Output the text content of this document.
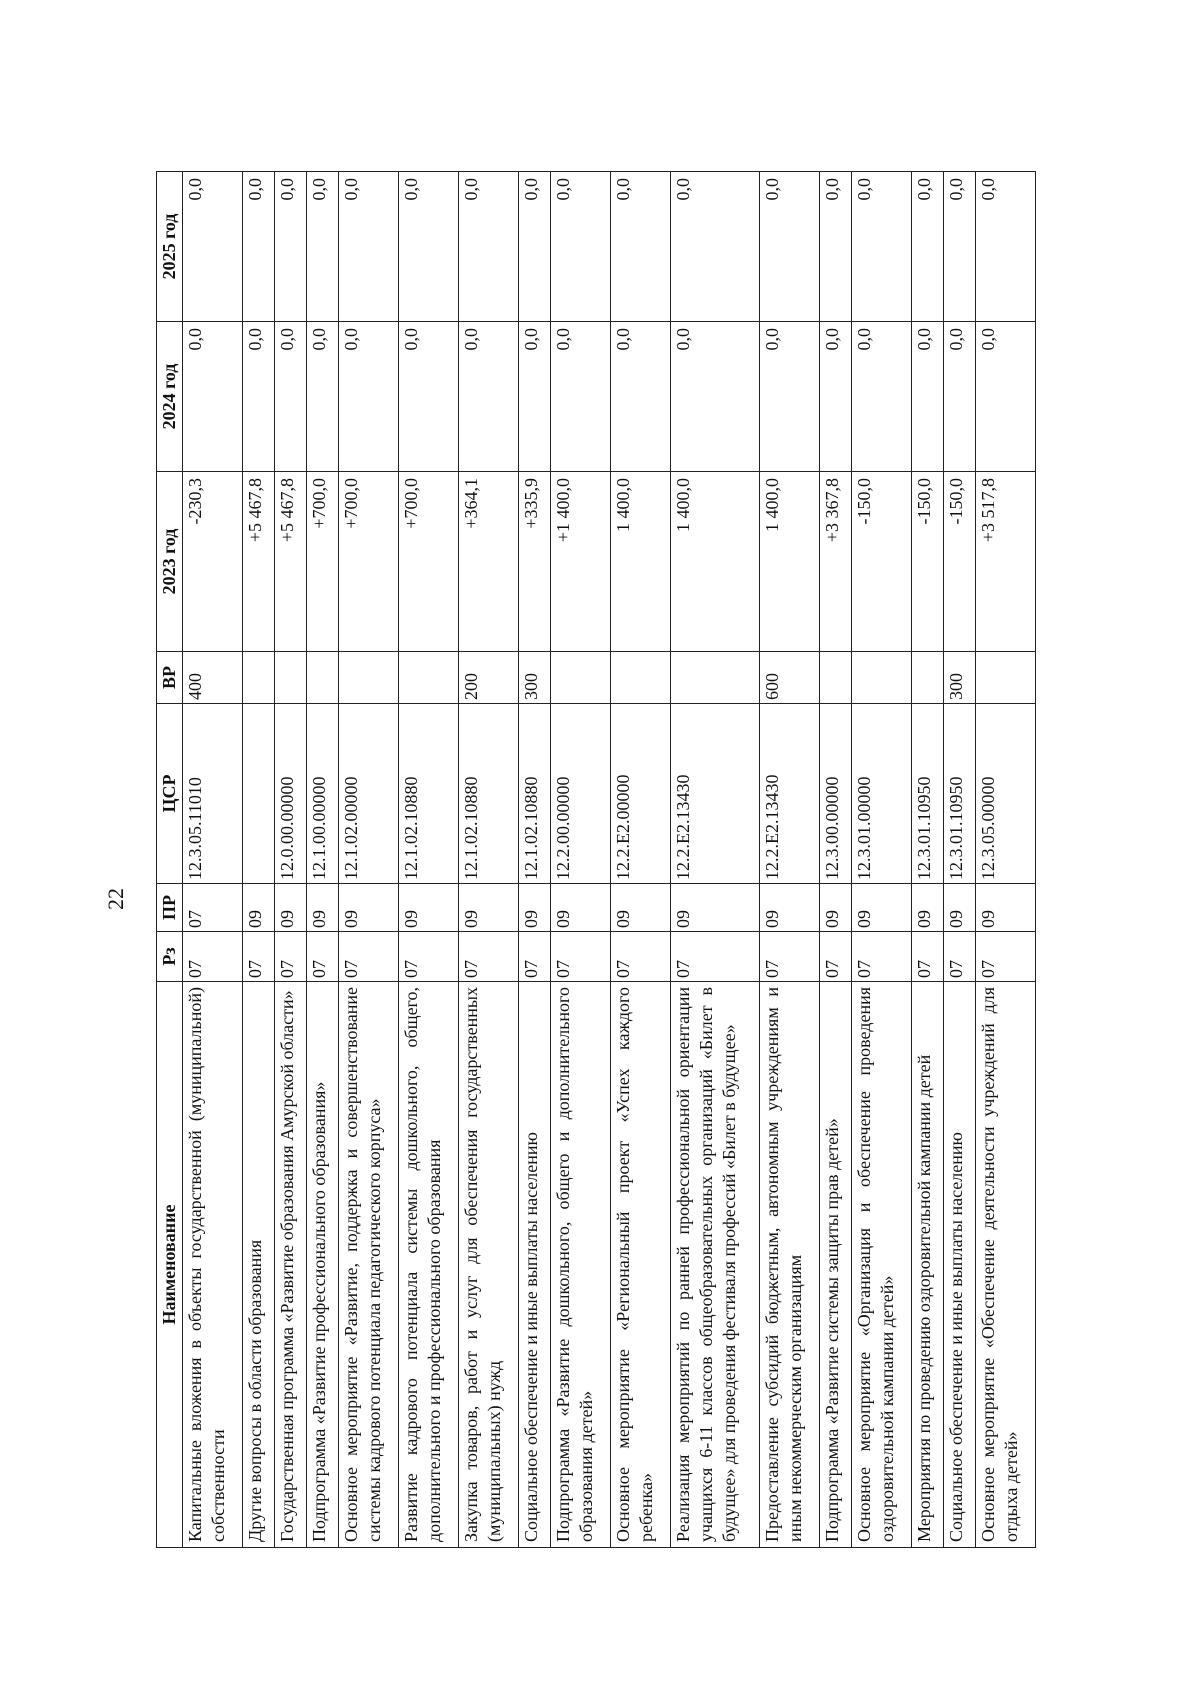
22
Наименование	Рз	ПР	ЦСР	ВР	2023 год	2024 год	2025 год
Капитальные вложения в объекты государственной (муниципальной) собственности	07	07	12.3.05.11010	400	-230,3	0,0	0,0
Другие вопросы в области образования	07	09			+5 467,8	0,0	0,0
Государственная программа «Развитие образования Амурской области»	07	09	12.0.00.00000		+5 467,8	0,0	0,0
Подпрограмма «Развитие профессионального образования»	07	09	12.1.00.00000		+700,0	0,0	0,0
Основное мероприятие «Развитие, поддержка и совершенствование системы кадрового потенциала педагогического корпуса»	07	09	12.1.02.00000		+700,0	0,0	0,0
Развитие кадрового потенциала системы дошкольного, общего, дополнительного и профессионального образования	07	09	12.1.02.10880		+700,0	0,0	0,0
Закупка товаров, работ и услуг для обеспечения государственных (муниципальных) нужд	07	09	12.1.02.10880	200	+364,1	0,0	0,0
Социальное обеспечение и иные выплаты населению	07	09	12.1.02.10880	300	+335,9	0,0	0,0
Подпрограмма «Развитие дошкольного, общего и дополнительного образования детей»	07	09	12.2.00.00000		+1 400,0	0,0	0,0
Основное мероприятие «Региональный проект «Успех каждого ребенка»	07	09	12.2.E2.00000		1 400,0	0,0	0,0
Реализация мероприятий по ранней профессиональной ориентации учащихся 6-11 классов общеобразовательных организаций «Билет в будущее» для проведения фестиваля профессий «Билет в будущее»	07	09	12.2.E2.13430		1 400,0	0,0	0,0
Предоставление субсидий бюджетным, автономным учреждениям и иным некоммерческим организациям	07	09	12.2.E2.13430	600	1 400,0	0,0	0,0
Подпрограмма «Развитие системы защиты прав детей»	07	09	12.3.00.00000		+3 367,8	0,0	0,0
Основное мероприятие «Организация и обеспечение проведения оздоровительной кампании детей»	07	09	12.3.01.00000		-150,0	0,0	0,0
Мероприятия по проведению оздоровительной кампании детей	07	09	12.3.01.10950		-150,0	0,0	0,0
Социальное обеспечение и иные выплаты населению	07	09	12.3.01.10950	300	-150,0	0,0	0,0
Основное мероприятие «Обеспечение деятельности учреждений для отдыха детей»	07	09	12.3.05.00000		+3 517,8	0,0	0,0
